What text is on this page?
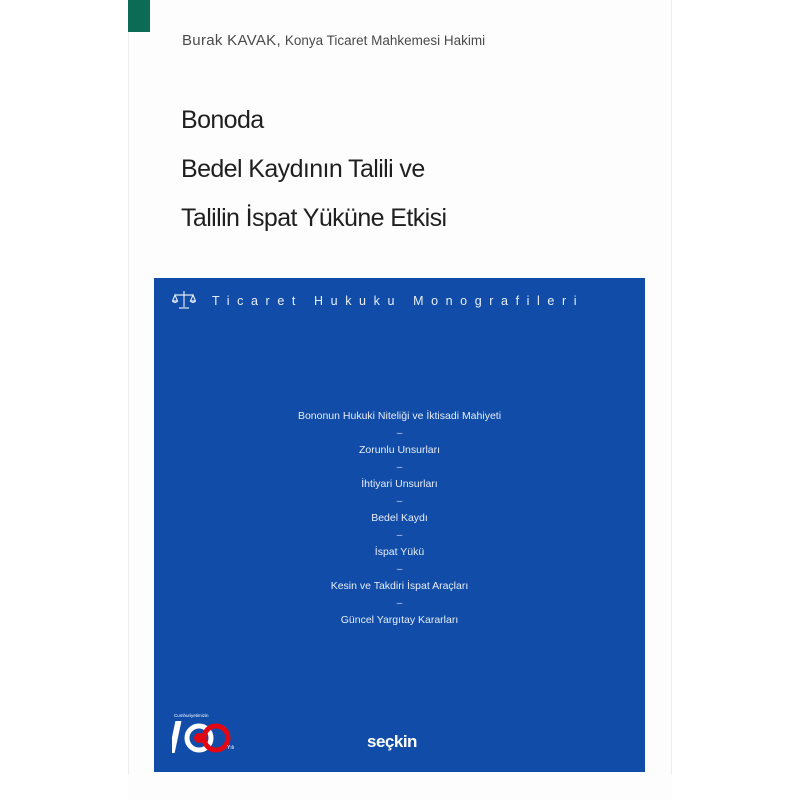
Burak KAVAK, Konya Ticaret Mahkemesi Hakimi
Bonoda
Bedel Kaydının Talili ve
Talilin İspat Yüküne Etkisi
Ticaret Hukuku Monografileri
Bononun Hukuki Niteliği ve İktisadi Mahiyeti
–
Zorunlu Unsurları
–
İhtiyari Unsurları
–
Bedel Kaydı
–
İspat Yükü
–
Kesin ve Takdiri İspat Araçları
–
Güncel Yargıtay Kararları
Cumhuriyetimizin
Yılı	seçkin
